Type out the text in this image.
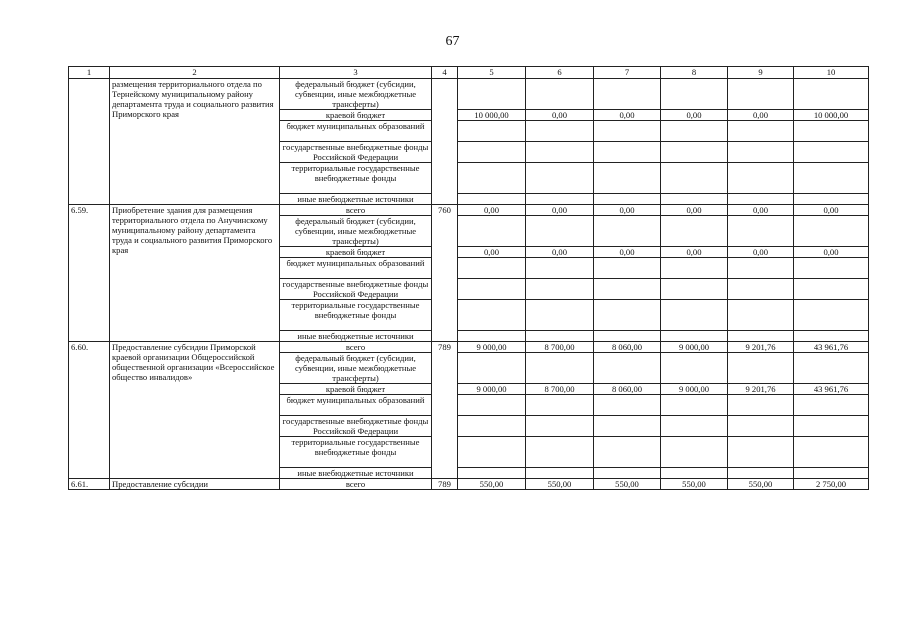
67
1	2	3	4	5	6	7	8	9	10
	размещения территориального отдела по Тернейскому муниципальному району департамента труда и социального развития Приморского края	федеральный бюджет (субсидии, субвенции, иные межбюджетные трансферты)							
		краевой бюджет		10 000,00	0,00	0,00	0,00	0,00	10 000,00
		бюджет муниципальных образований							
		государственные внебюджетные фонды Российской Федерации							
		территориальные государственные внебюджетные фонды							
		иные внебюджетные источники							
6.59.	Приобретение здания для размещения территориального отдела по Анучинскому муниципальному району департамента труда и социального развития Приморского края	всего	760	0,00	0,00	0,00	0,00	0,00	0,00
		федеральный бюджет (субсидии, субвенции, иные межбюджетные трансферты)							
		краевой бюджет		0,00	0,00	0,00	0,00	0,00	0,00
		бюджет муниципальных образований							
		государственные внебюджетные фонды Российской Федерации							
		территориальные государственные внебюджетные фонды							
		иные внебюджетные источники							
6.60.	Предоставление субсидии Приморской краевой организации Общероссийской общественной организации «Всероссийское общество инвалидов»	всего	789	9 000,00	8 700,00	8 060,00	9 000,00	9 201,76	43 961,76
		федеральный бюджет (субсидии, субвенции, иные межбюджетные трансферты)							
		краевой бюджет		9 000,00	8 700,00	8 060,00	9 000,00	9 201,76	43 961,76
		бюджет муниципальных образований							
		государственные внебюджетные фонды Российской Федерации							
		территориальные государственные внебюджетные фонды							
		иные внебюджетные источники							
6.61.	Предоставление субсидии	всего	789	550,00	550,00	550,00	550,00	550,00	2 750,00
